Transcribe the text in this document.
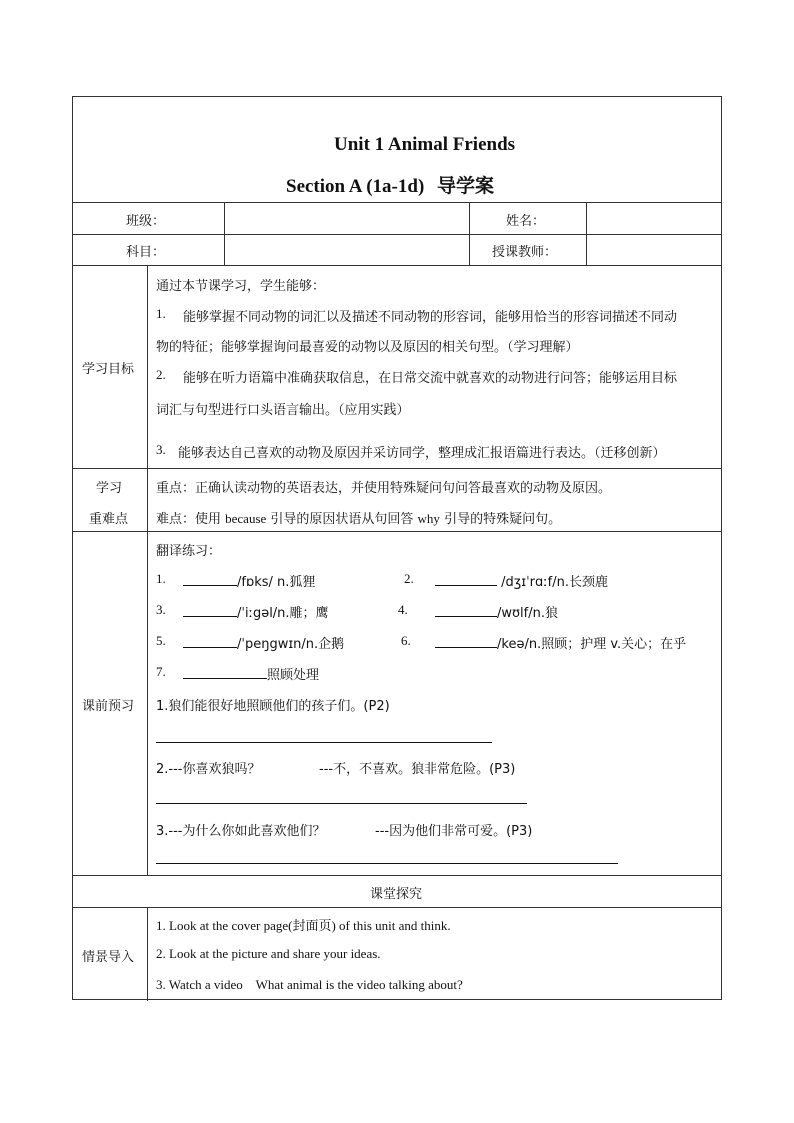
Unit 1 Animal Friends
Section A (1a-1d) 导学案
班级：	姓名：
科目：	授课教师：
学习目标
通过本节课学习，学生能够：
1. 能够掌握不同动物的词汇以及描述不同动物的形容词，能够用恰当的形容词描述不同动
物的特征；能够掌握询问最喜爱的动物以及原因的相关句型。（学习理解）
2. 能够在听力语篇中准确获取信息，在日常交流中就喜欢的动物进行问答；能够运用目标
词汇与句型进行口头语言输出。（应用实践）
3. 能够表达自己喜欢的动物及原因并采访同学，整理成汇报语篇进行表达。（迁移创新）
学习
重难点
重点：正确认读动物的英语表达，并使用特殊疑问句问答最喜欢的动物及原因。
难点：使用 because 引导的原因状语从句回答 why 引导的特殊疑问句。
课前预习
翻译练习：
1.	/fɒks/ n.狐狸	2.	/dʒɪˈrɑːf/n.长颈鹿
3.	/ˈiːgəl/n.雕；鹰	4.	/wʊlf/n.狼
5.	/ˈpeŋgwɪn/n.企鹅	6.	/keə/n.照顾；护理 v.关心；在乎
7.	照顾处理
1.狼们能很好地照顾他们的孩子们。(P2)
2.---你喜欢狼吗？	---不，不喜欢。狼非常危险。(P3)
3.---为什么你如此喜欢他们？	---因为他们非常可爱。(P3)
课堂探究
情景导入
1. Look at the cover page(封面页) of this unit and think.
2. Look at the picture and share your ideas.
3. Watch a video    What animal is the video talking about?
